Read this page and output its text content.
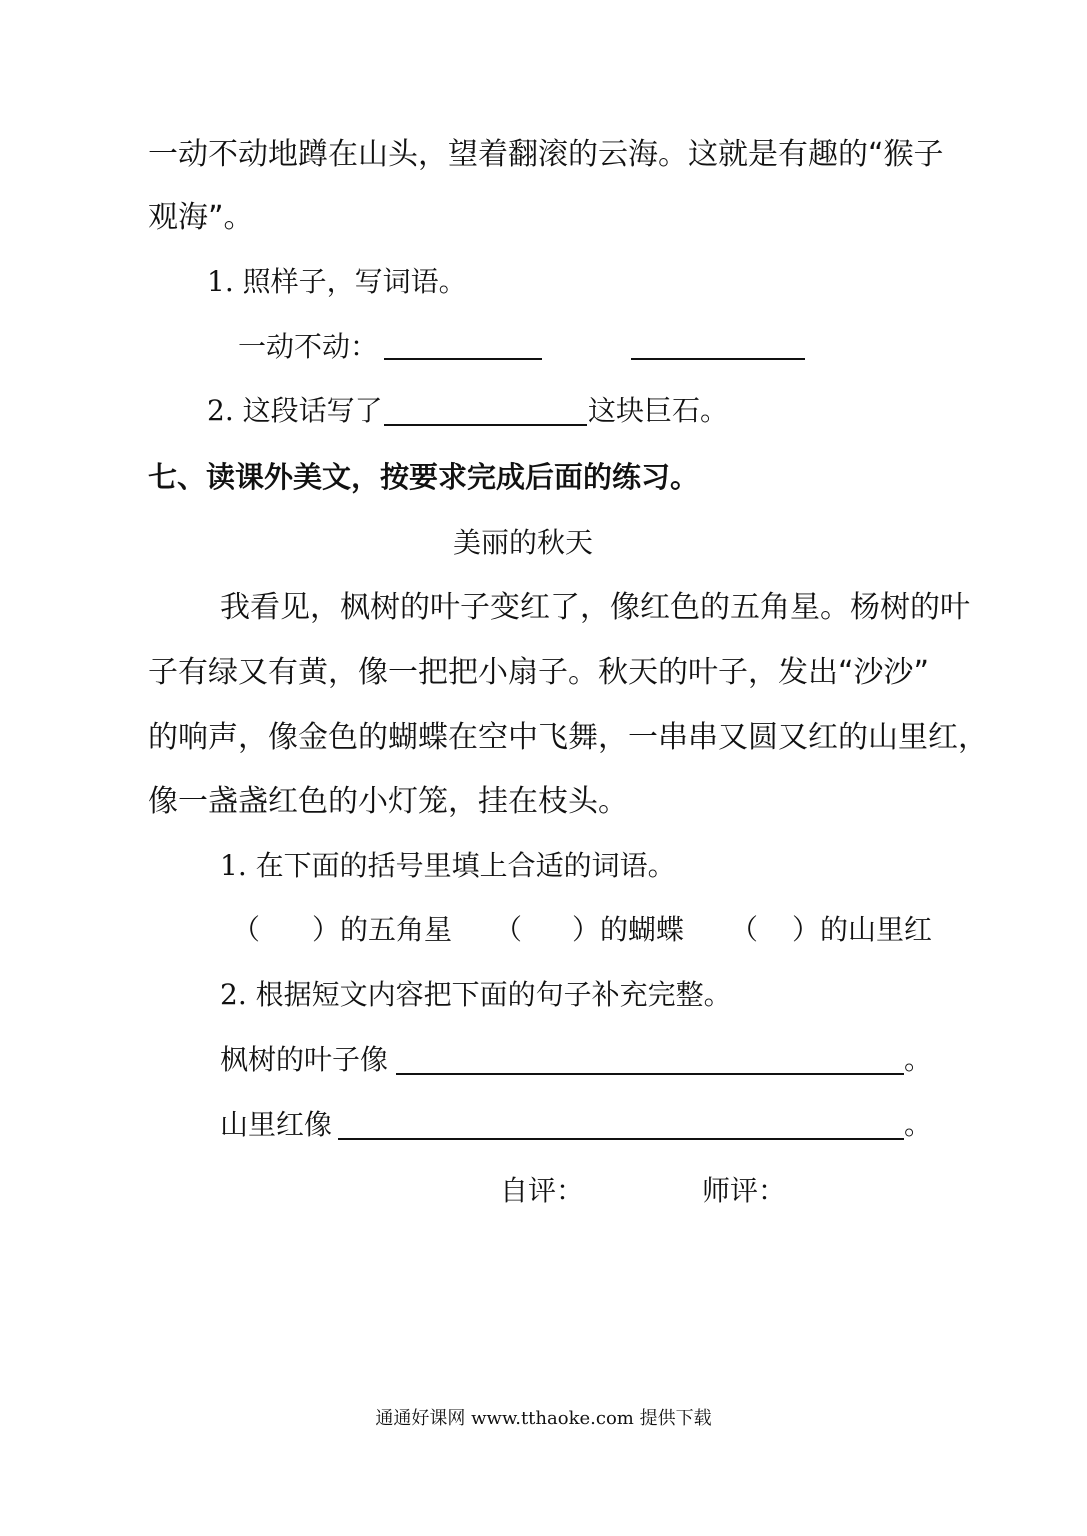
一动不动地蹲在山头，望着翻滚的云海。这就是有趣的“猴子
观海”。
1. 照样子，写词语。
一动不动：
2. 这段话写了	这块巨石。
七、读课外美文，按要求完成后面的练习。
美丽的秋天
我看见，枫树的叶子变红了，像红色的五角星。杨树的叶
子有绿又有黄，像一把把小扇子。秋天的叶子，发出“沙沙”
的响声，像金色的蝴蝶在空中飞舞，一串串又圆又红的山里红，
像一盏盏红色的小灯笼，挂在枝头。
1. 在下面的括号里填上合适的词语。
（ ）的五角星 （ ）的蝴蝶 （ ）的山里红
2. 根据短文内容把下面的句子补充完整。
枫树的叶子像	。
山里红像	。
自评：	师评：
通通好课网 www.tthaoke.com 提供下载
